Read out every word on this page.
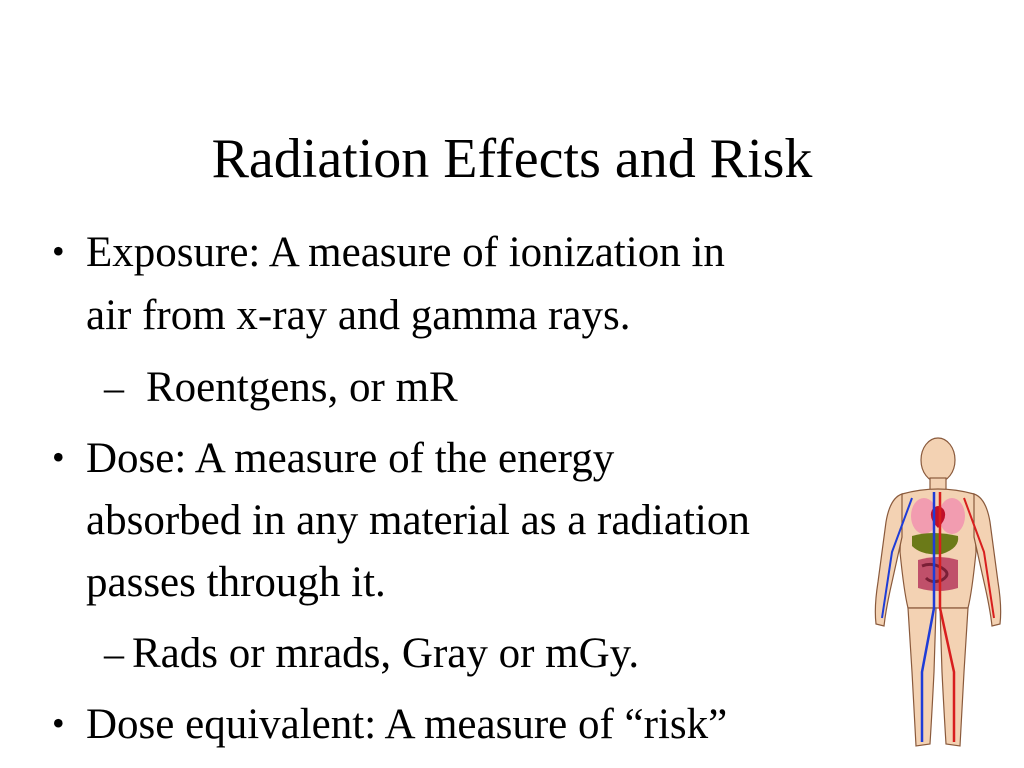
Radiation Effects and Risk
• Exposure: A measure of ionization in
air from x-ray and gamma rays.
– Roentgens, or mR
• Dose: A measure of the energy
absorbed in any material as a radiation
passes through it.
– Rads or mrads, Gray or mGy.
• Dose equivalent: A measure of “risk”
